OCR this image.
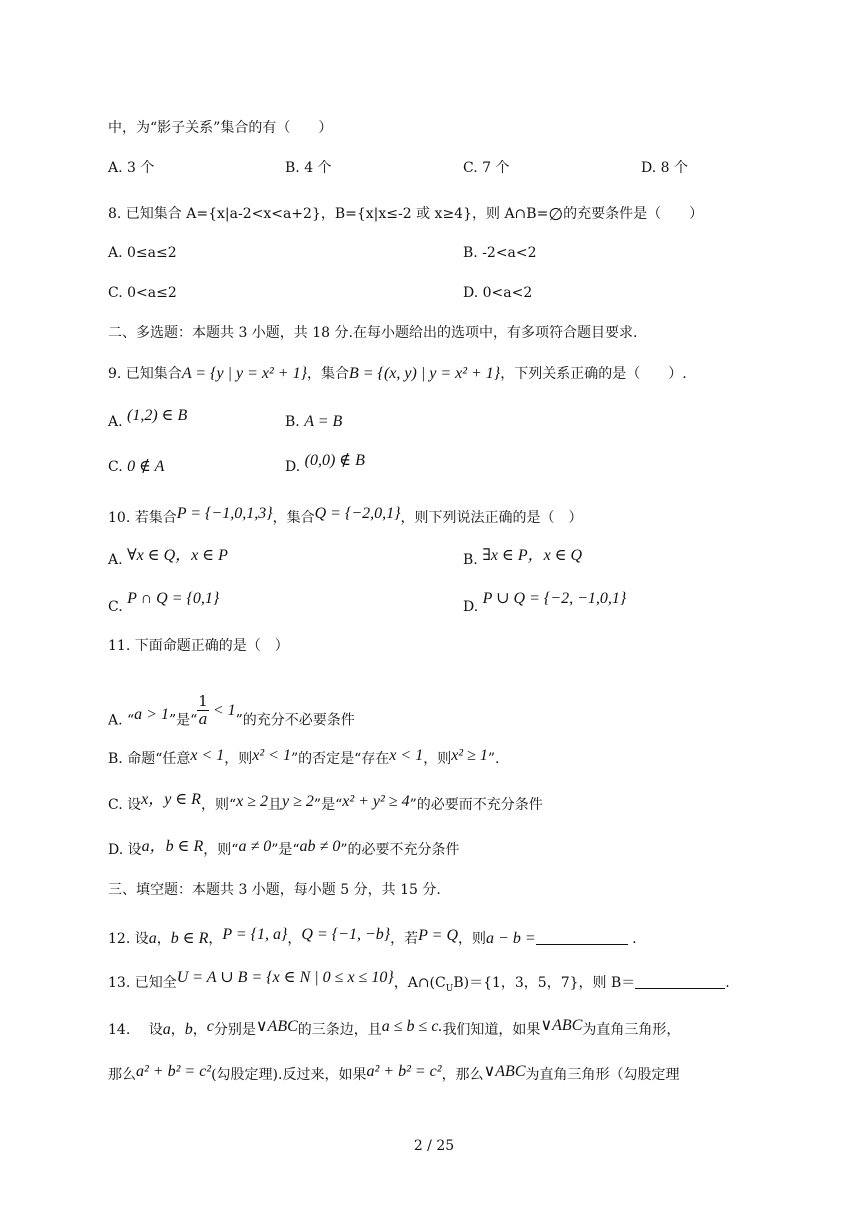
中，为“影子关系”集合的有（　　）
A. 3 个	B. 4 个	C. 7 个	D. 8 个
8. 已知集合 A={x|a-2<x<a+2}，B={x|x≤-2 或 x≥4}，则 A∩B=∅的充要条件是（　　）
A. 0≤a≤2	B. -2<a<2
C. 0<a≤2	D. 0<a<2
二、多选题：本题共 3 小题，共 18 分.在每小题给出的选项中，有多项符合题目要求.
9. 已知集合A = {y | y = x² + 1}，集合B = {(x, y) | y = x² + 1}，下列关系正确的是（　　）.
A. (1,2) ∈ B	B. A = B
C. 0 ∉ A	D. (0,0) ∉ B
10. 若集合P = {−1,0,1,3}，集合Q = {−2,0,1}，则下列说法正确的是（　）
A. ∀x ∈ Q，x ∈ P	B. ∃x ∈ P，x ∈ Q
C. P ∩ Q = {0,1}	D. P ∪ Q = {−2, −1,0,1}
11. 下面命题正确的是（　）
A. “a > 1”是“ $\frac{1}{a} < 1$”的充分不必要条件
B. 命题“任意x < 1，则x² < 1”的否定是“存在x < 1，则x² ≥ 1”.
C. 设x，y ∈ R，则“x ≥ 2且y ≥ 2”是“x² + y² ≥ 4”的必要而不充分条件
D. 设a，b ∈ R，则“a ≠ 0”是“ab ≠ 0”的必要不充分条件
三、填空题：本题共 3 小题，每小题 5 分，共 15 分.
12. 设a，b ∈ R，P = {1, a}，Q = {−1, −b}，若P = Q，则a − b =	.
13. 已知全U = A ∪ B = {x ∈ N | 0 ≤ x ≤ 10}，$A\cap(C_UB)=\{1$，3，5，7}，则 B＝	.
14.　 设a，b，c分别是∨ABC的三条边，且a ≤ b ≤ c.我们知道，如果∨ABC为直角三角形，
那么a² + b² = c²(勾股定理).反过来，如果a² + b² = c²，那么∨ABC为直角三角形（勾股定理
2 / 25
